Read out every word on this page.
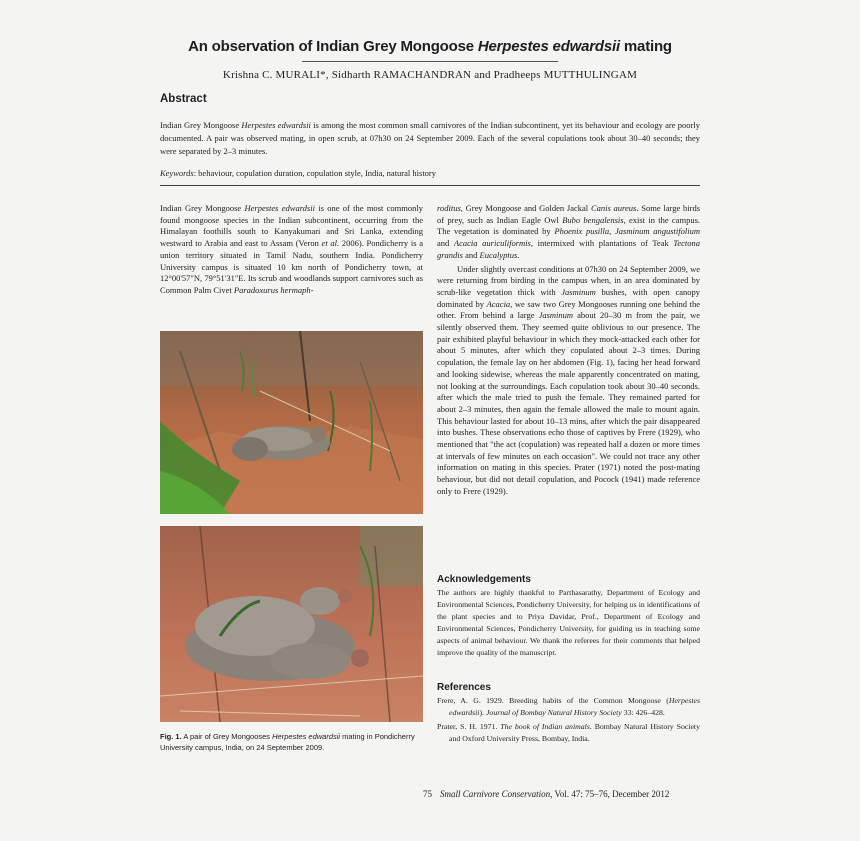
An observation of Indian Grey Mongoose Herpestes edwardsii mating
Krishna C. MURALI*, Sidharth RAMACHANDRAN and Pradheeps MUTTHULINGAM
Abstract
Indian Grey Mongoose Herpestes edwardsii is among the most common small carnivores of the Indian subcontinent, yet its behaviour and ecology are poorly documented. A pair was observed mating, in open scrub, at 07h30 on 24 September 2009. Each of the several copulations took about 30–40 seconds; they were separated by 2–3 minutes.
Keywords: behaviour, copulation duration, copulation style, India, natural history
Indian Grey Mongoose Herpestes edwardsii is one of the most commonly found mongoose species in the Indian subcontinent, occurring from the Himalayan foothills south to Kanyakumari and Sri Lanka, extending westward to Arabia and east to Assam (Veron et al. 2006). Pondicherry is a union territory situated in Tamil Nadu, southern India. Pondicherry University campus is situated 10 km north of Pondicherry town, at 12°00'57"N, 79°51'31"E. Its scrub and woodlands support carnivores such as Common Palm Civet Paradoxurus hermaph-
Fig. 1. A pair of Grey Mongooses Herpestes edwardsii mating in Pondicherry University campus, India, on 24 September 2009.

roditus, Grey Mongoose and Golden Jackal Canis aureus. Some large birds of prey, such as Indian Eagle Owl Bubo bengalensis, exist in the campus. The vegetation is dominated by Phoenix pusilla, Jasminum angustifolium and Acacia auriculiformis, intermixed with plantations of Teak Tectona grandis and Eucalyptus.

Under slightly overcast conditions at 07h30 on 24 September 2009, we were returning from birding in the campus when, in an area dominated by scrub-like vegetation thick with Jasminum bushes, with open canopy dominated by Acacia, we saw two Grey Mongooses running one behind the other. From behind a large Jasminum about 20–30 m from the pair, we silently observed them. They seemed quite oblivious to our presence. The pair exhibited playful behaviour in which they mock-attacked each other for about 5 minutes, after which they copulated about 2–3 times. During copulation, the female lay on her abdomen (Fig. 1), facing her head forward and looking sidewise, whereas the male apparently concentrated on mating, not looking at the surroundings. Each copulation took about 30–40 seconds. after which the male tried to push the female. They remained parted for about 2–3 minutes, then again the female allowed the male to mount again. This behaviour lasted for about 10–13 mins, after which the pair disappeared into bushes. These observations echo those of captives by Frere (1929), who mentioned that "the act (copulation) was repeated half a dozen or more times at intervals of few minutes on each occasion". We could not trace any other information on mating in this species. Prater (1971) noted the post-mating behaviour, but did not detail copulation, and Pocock (1941) made reference only to Frere (1929).

Acknowledgements
The authors are highly thankful to Parthasarathy, Department of Ecology and Environmental Sciences, Pondicherry University, for helping us in identifications of the plant species and to Priya Davidar, Prof., Department of Ecology and Environmental Sciences, Pondicherry University, for guiding us in teaching some aspects of animal behaviour. We thank the referees for their comments that helped improve the quality of the manuscript.
References

Frere, A. G. 1929. Breeding habits of the Common Mongoose (Herpestes edwardsii). Journal of Bombay Natural History Society 33: 426–428.

Prater, S. H. 1971. The book of Indian animals. Bombay Natural History Society and Oxford University Press, Bombay, India.

75 Small Carnivore Conservation, Vol. 47: 75–76, December 2012
